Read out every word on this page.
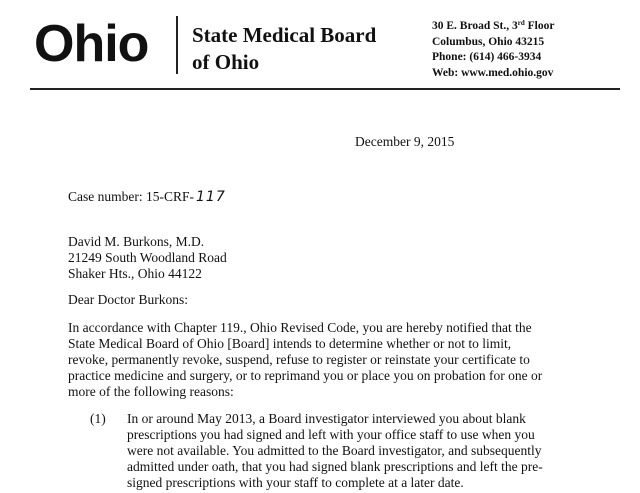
Ohio State Medical Board
of Ohio
30 E. Broad St., 3rd Floor
Columbus, Ohio 43215
Phone: (614) 466-3934
Web: www.med.ohio.gov
December 9, 2015
Case number: 15-CRF- 117
David M. Burkons, M.D.
21249 South Woodland Road
Shaker Hts., Ohio 44122
Dear Doctor Burkons:
In accordance with Chapter 119., Ohio Revised Code, you are hereby notified that the
State Medical Board of Ohio [Board] intends to determine whether or not to limit,
revoke, permanently revoke, suspend, refuse to register or reinstate your certificate to
practice medicine and surgery, or to reprimand you or place you on probation for one or
more of the following reasons:
(1) In or around May 2013, a Board investigator interviewed you about blank
prescriptions you had signed and left with your office staff to use when you
were not available. You admitted to the Board investigator, and subsequently
admitted under oath, that you had signed blank prescriptions and left the pre-
signed prescriptions with your staff to complete at a later date.
